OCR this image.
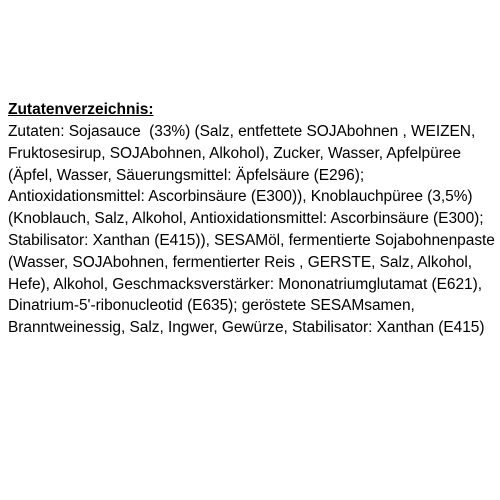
Zutatenverzeichnis:
Zutaten: Sojasauce  (33%) (Salz, entfettete SOJAbohnen , WEIZEN,
Fruktosesirup, SOJAbohnen, Alkohol), Zucker, Wasser, Apfelpüree
(Äpfel, Wasser, Säuerungsmittel: Äpfelsäure (E296);
Antioxidationsmittel: Ascorbinsäure (E300)), Knoblauchpüree (3,5%)
(Knoblauch, Salz, Alkohol, Antioxidationsmittel: Ascorbinsäure (E300);
Stabilisator: Xanthan (E415)), SESAMöl, fermentierte Sojabohnenpaste
(Wasser, SOJAbohnen, fermentierter Reis , GERSTE, Salz, Alkohol,
Hefe), Alkohol, Geschmacksverstärker: Mononatriumglutamat (E621),
Dinatrium-5'-ribonucleotid (E635); geröstete SESAMsamen,
Branntweinessig, Salz, Ingwer, Gewürze, Stabilisator: Xanthan (E415)
